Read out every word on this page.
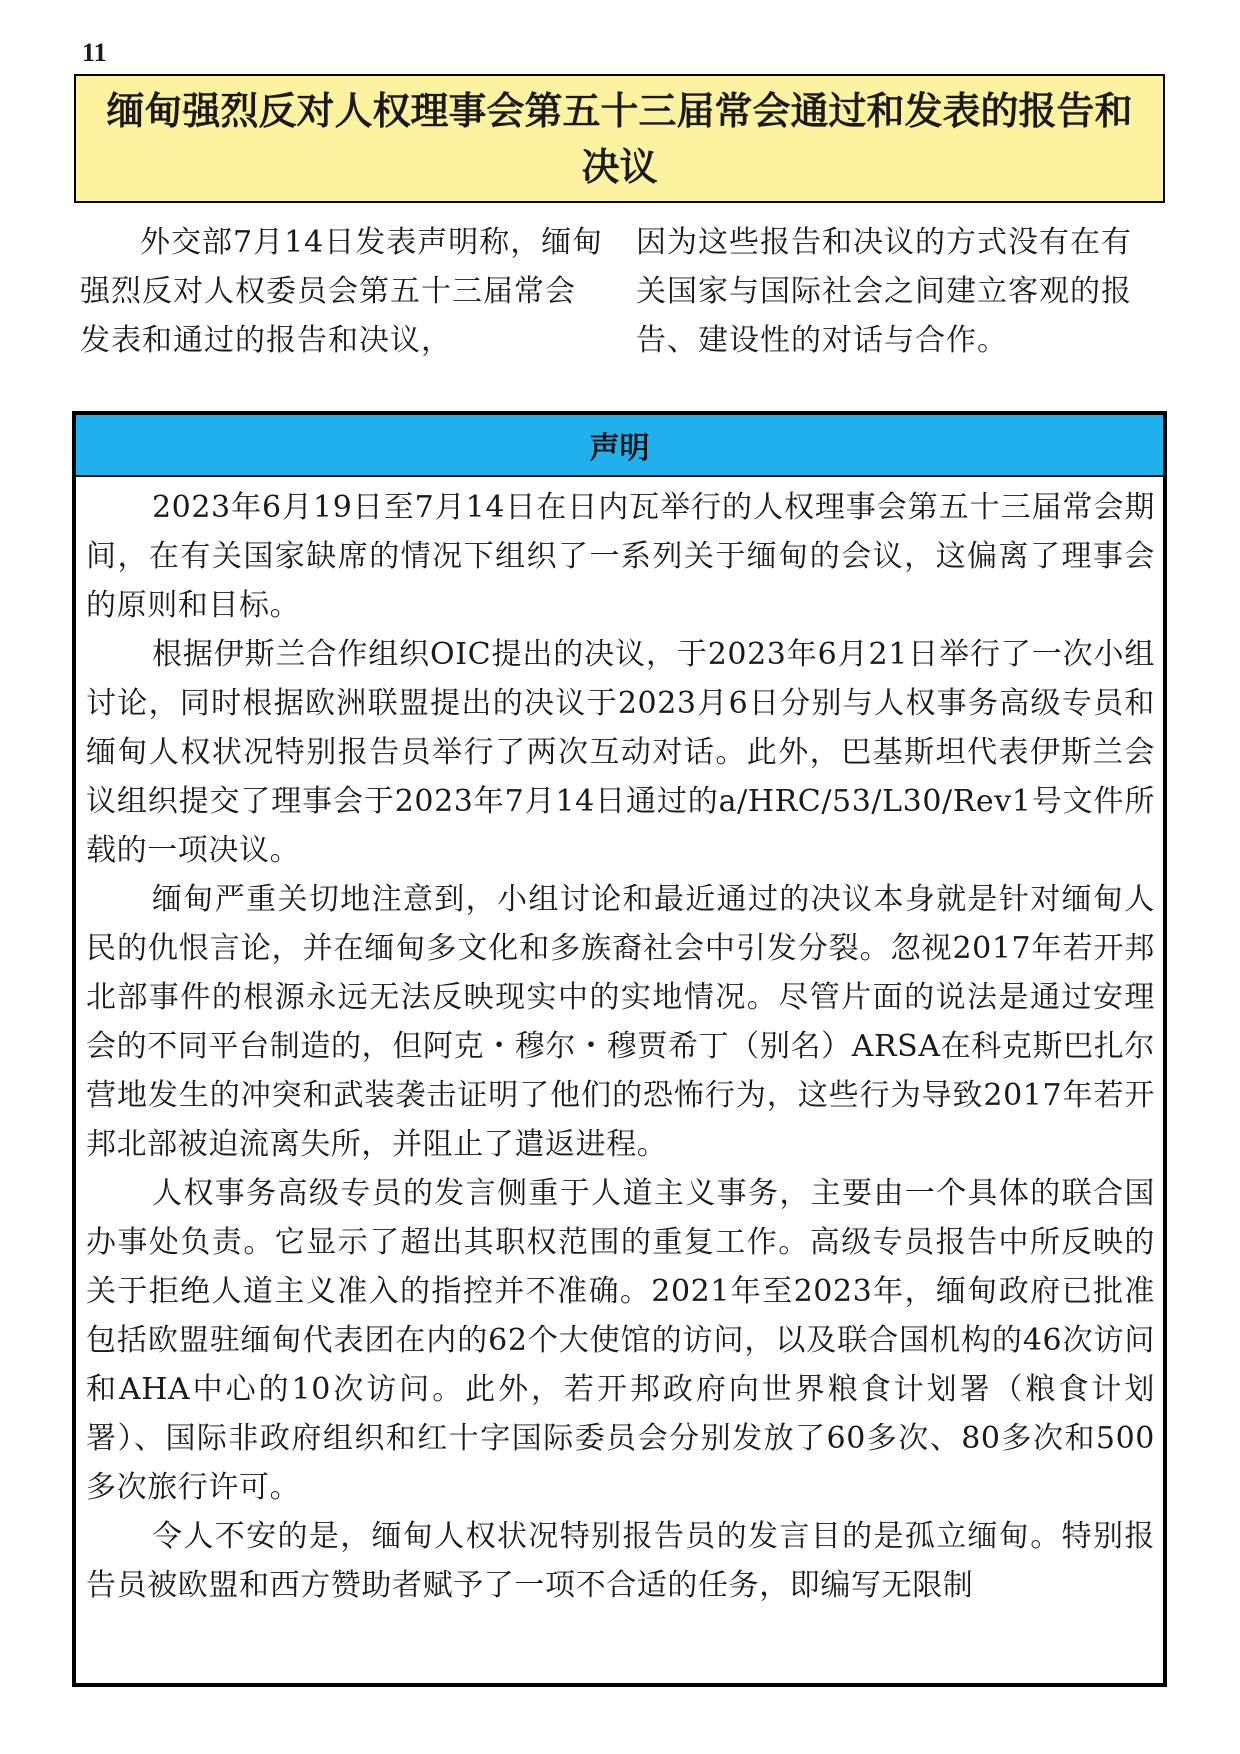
11
缅甸强烈反对人权理事会第五十三届常会通过和发表的报告和决议

外交部7月14日发表声明称，缅甸强烈反对人权委员会第五十三届常会发表和通过的报告和决议，

因为这些报告和决议的方式没有在有关国家与国际社会之间建立客观的报告、建设性的对话与合作。

声明

2023年6月19日至7月14日在日内瓦举行的人权理事会第五十三届常会期间，在有关国家缺席的情况下组织了一系列关于缅甸的会议，这偏离了理事会的原则和目标。

根据伊斯兰合作组织OIC提出的决议，于2023年6月21日举行了一次小组讨论，同时根据欧洲联盟提出的决议于2023月6日分别与人权事务高级专员和缅甸人权状况特别报告员举行了两次互动对话。此外，巴基斯坦代表伊斯兰会议组织提交了理事会于2023年7月14日通过的a/HRC/53/L30/Rev1号文件所载的一项决议。

缅甸严重关切地注意到，小组讨论和最近通过的决议本身就是针对缅甸人民的仇恨言论，并在缅甸多文化和多族裔社会中引发分裂。忽视2017年若开邦北部事件的根源永远无法反映现实中的实地情况。尽管片面的说法是通过安理会的不同平台制造的，但阿克・穆尔・穆贾希丁（别名）ARSA在科克斯巴扎尔营地发生的冲突和武装袭击证明了他们的恐怖行为，这些行为导致2017年若开邦北部被迫流离失所，并阻止了遣返进程。

人权事务高级专员的发言侧重于人道主义事务，主要由一个具体的联合国办事处负责。它显示了超出其职权范围的重复工作。高级专员报告中所反映的关于拒绝人道主义准入的指控并不准确。2021年至2023年，缅甸政府已批准包括欧盟驻缅甸代表团在内的62个大使馆的访问，以及联合国机构的46次访问和AHA中心的10次访问。此外，若开邦政府向世界粮食计划署（粮食计划署）、国际非政府组织和红十字国际委员会分别发放了60多次、80多次和500多次旅行许可。

令人不安的是，缅甸人权状况特别报告员的发言目的是孤立缅甸。特别报告员被欧盟和西方赞助者赋予了一项不合适的任务，即编写无限制
